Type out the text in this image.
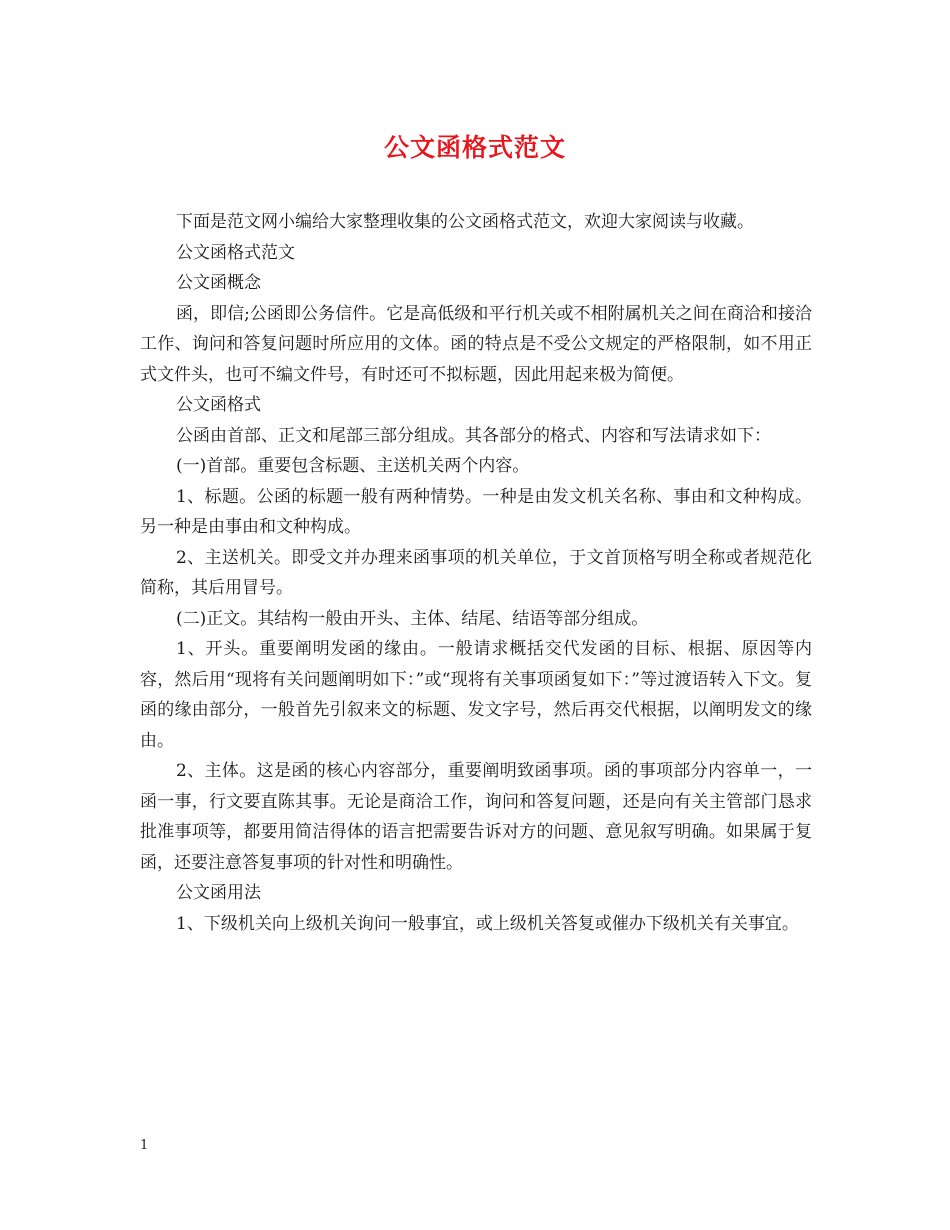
公文函格式范文

下面是范文网小编给大家整理收集的公文函格式范文，欢迎大家阅读与收藏。

公文函格式范文

公文函概念

函，即信;公函即公务信件。它是高低级和平行机关或不相附属机关之间在商洽和接洽工作、询问和答复问题时所应用的文体。函的特点是不受公文规定的严格限制，如不用正式文件头，也可不编文件号，有时还可不拟标题，因此用起来极为简便。

公文函格式

公函由首部、正文和尾部三部分组成。其各部分的格式、内容和写法请求如下：

(一)首部。重要包含标题、主送机关两个内容。

1、标题。公函的标题一般有两种情势。一种是由发文机关名称、事由和文种构成。另一种是由事由和文种构成。

2、主送机关。即受文并办理来函事项的机关单位，于文首顶格写明全称或者规范化简称，其后用冒号。

(二)正文。其结构一般由开头、主体、结尾、结语等部分组成。

1、开头。重要阐明发函的缘由。一般请求概括交代发函的目标、根据、原因等内容，然后用“现将有关问题阐明如下：”或“现将有关事项函复如下：”等过渡语转入下文。复函的缘由部分，一般首先引叙来文的标题、发文字号，然后再交代根据，以阐明发文的缘由。

2、主体。这是函的核心内容部分，重要阐明致函事项。函的事项部分内容单一，一函一事，行文要直陈其事。无论是商洽工作，询问和答复问题，还是向有关主管部门恳求批准事项等，都要用简洁得体的语言把需要告诉对方的问题、意见叙写明确。如果属于复函，还要注意答复事项的针对性和明确性。

公文函用法

1、下级机关向上级机关询问一般事宜，或上级机关答复或催办下级机关有关事宜。

1
